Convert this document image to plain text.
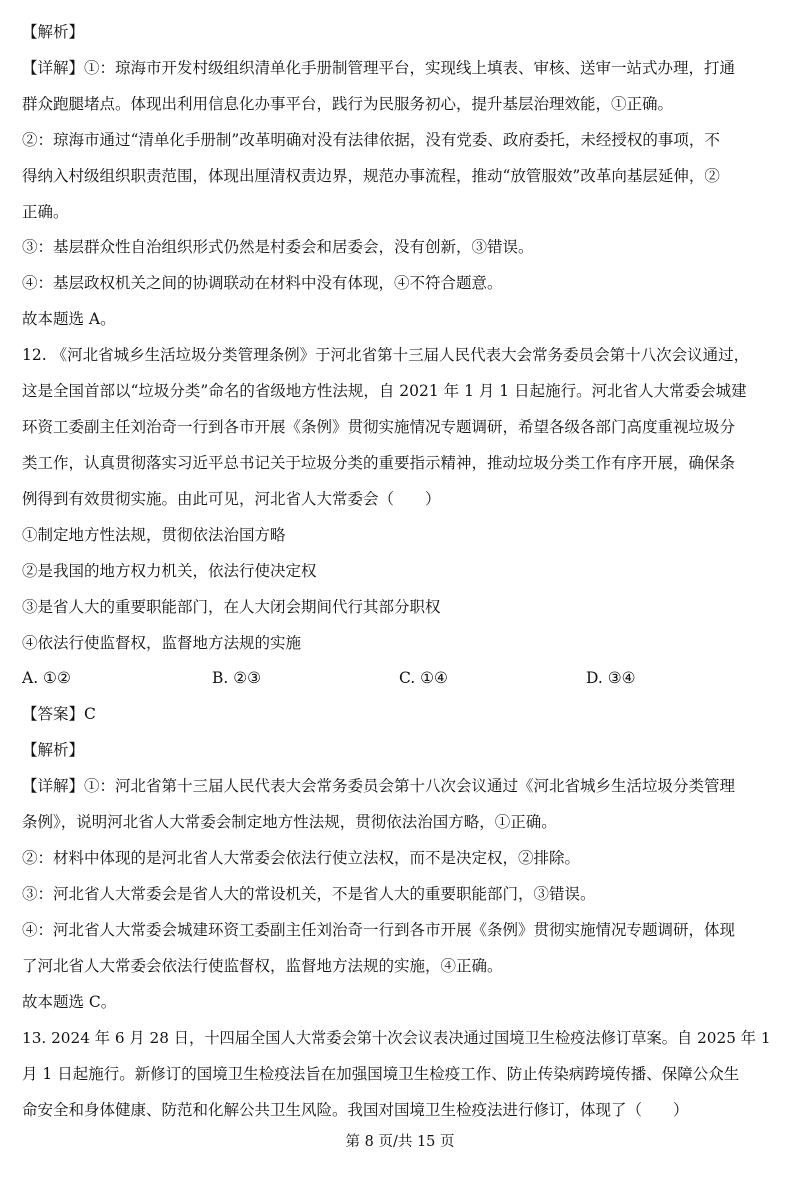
【解析】
【详解】①：琼海市开发村级组织清单化手册制管理平台，实现线上填表、审核、送审一站式办理，打通
群众跑腿堵点。体现出利用信息化办事平台，践行为民服务初心，提升基层治理效能，①正确。
②：琼海市通过“清单化手册制”改革明确对没有法律依据，没有党委、政府委托，未经授权的事项，不
得纳入村级组织职责范围，体现出厘清权责边界，规范办事流程，推动“放管服效”改革向基层延伸，②
正确。
③：基层群众性自治组织形式仍然是村委会和居委会，没有创新，③错误。
④：基层政权机关之间的协调联动在材料中没有体现，④不符合题意。
故本题选 A。
12. 《河北省城乡生活垃圾分类管理条例》于河北省第十三届人民代表大会常务委员会第十八次会议通过，
这是全国首部以“垃圾分类”命名的省级地方性法规，自 2021 年 1 月 1 日起施行。河北省人大常委会城建
环资工委副主任刘治奇一行到各市开展《条例》贯彻实施情况专题调研，希望各级各部门高度重视垃圾分
类工作，认真贯彻落实习近平总书记关于垃圾分类的重要指示精神，推动垃圾分类工作有序开展，确保条
例得到有效贯彻实施。由此可见，河北省人大常委会（　　）
①制定地方性法规，贯彻依法治国方略
②是我国的地方权力机关，依法行使决定权
③是省人大的重要职能部门，在人大闭会期间代行其部分职权
④依法行使监督权，监督地方法规的实施
A. ①②	B. ②③	C. ①④	D. ③④
【答案】C
【解析】
【详解】①：河北省第十三届人民代表大会常务委员会第十八次会议通过《河北省城乡生活垃圾分类管理
条例》，说明河北省人大常委会制定地方性法规，贯彻依法治国方略，①正确。
②：材料中体现的是河北省人大常委会依法行使立法权，而不是决定权，②排除。
③：河北省人大常委会是省人大的常设机关，不是省人大的重要职能部门，③错误。
④：河北省人大常委会城建环资工委副主任刘治奇一行到各市开展《条例》贯彻实施情况专题调研，体现
了河北省人大常委会依法行使监督权，监督地方法规的实施，④正确。
故本题选 C。
13. 2024 年 6 月 28 日，十四届全国人大常委会第十次会议表决通过国境卫生检疫法修订草案。自 2025 年 1
月 1 日起施行。新修订的国境卫生检疫法旨在加强国境卫生检疫工作、防止传染病跨境传播、保障公众生
命安全和身体健康、防范和化解公共卫生风险。我国对国境卫生检疫法进行修订，体现了（　　）
第 8 页/共 15 页
